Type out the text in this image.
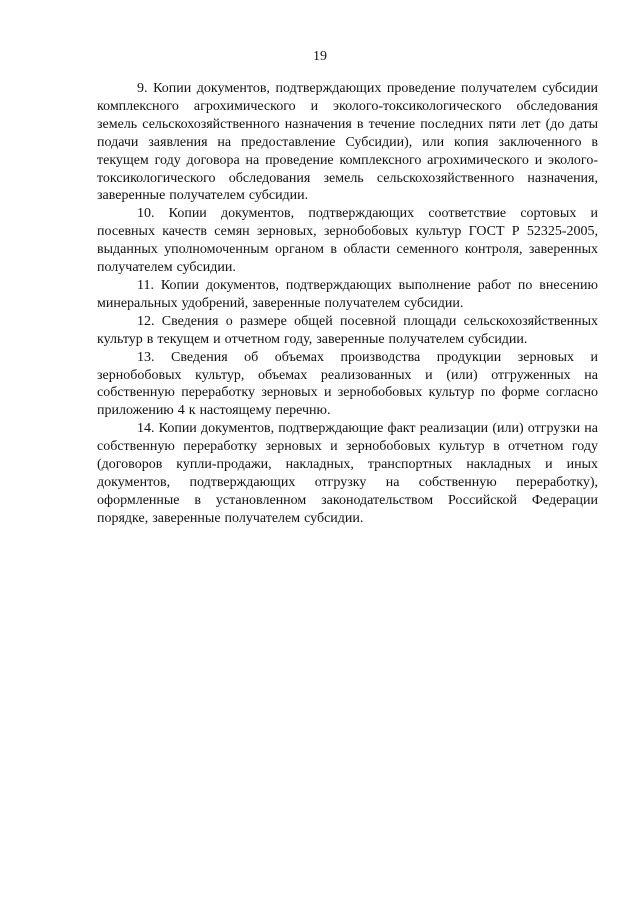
19

9. Копии документов, подтверждающих проведение получателем субсидии комплексного агрохимического и эколого-токсикологического обследования земель сельскохозяйственного назначения в течение последних пяти лет (до даты подачи заявления на предоставление Субсидии), или копия заключенного в текущем году договора на проведение комплексного агрохимического и эколого-токсикологического обследования земель сельскохозяйственного назначения, заверенные получателем субсидии.

10. Копии документов, подтверждающих соответствие сортовых и посевных качеств семян зерновых, зернобобовых культур ГОСТ Р 52325-2005, выданных уполномоченным органом в области семенного контроля, заверенных получателем субсидии.

11. Копии документов, подтверждающих выполнение работ по внесению минеральных удобрений, заверенные получателем субсидии.

12. Сведения о размере общей посевной площади сельскохозяйственных культур в текущем и отчетном году, заверенные получателем субсидии.

13. Сведения об объемах производства продукции зерновых и зернобобовых культур, объемах реализованных и (или) отгруженных на собственную переработку зерновых и зернобобовых культур по форме согласно приложению 4 к настоящему перечню.

14. Копии документов, подтверждающие факт реализации (или) отгрузки на собственную переработку зерновых и зернобобовых культур в отчетном году (договоров купли-продажи, накладных, транспортных накладных и иных документов, подтверждающих отгрузку на собственную переработку), оформленные в установленном законодательством Российской Федерации порядке, заверенные получателем субсидии.
